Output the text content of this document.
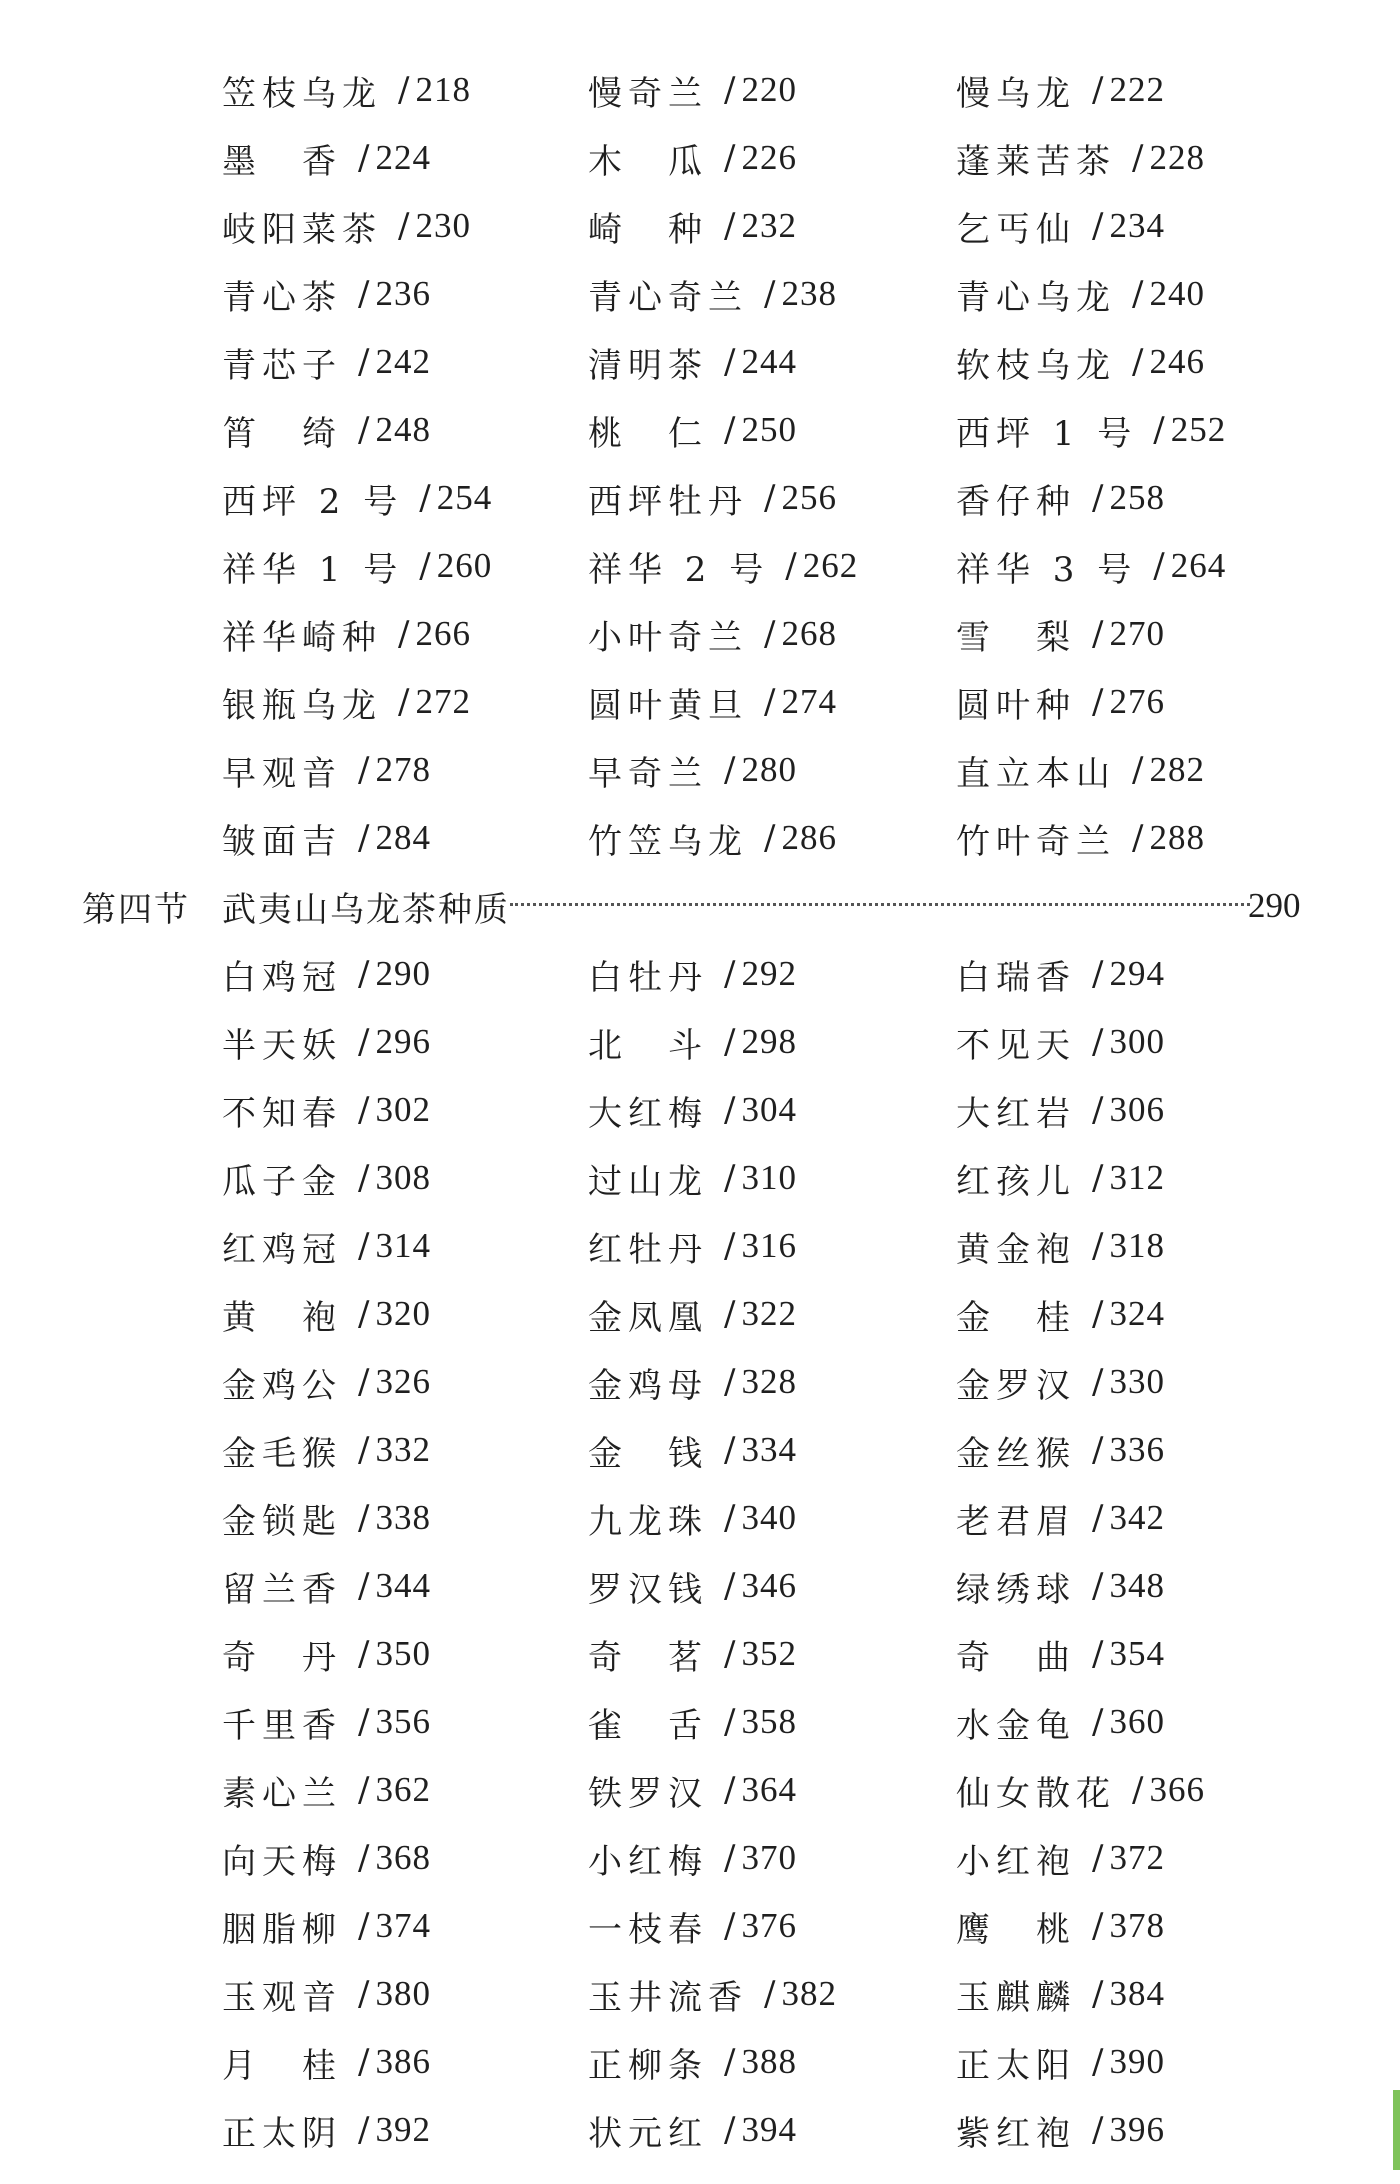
笠枝乌龙 / 218	慢奇兰 / 220	慢乌龙 / 222
墨　香 / 224	木　瓜 / 226	蓬莱苦茶 / 228
岐阳菜茶 / 230	崎　种 / 232	乞丐仙 / 234
青心茶 / 236	青心奇兰 / 238	青心乌龙 / 240
青芯子 / 242	清明茶 / 244	软枝乌龙 / 246
筲　绮 / 248	桃　仁 / 250	西坪 1 号 / 252
西坪 2 号 / 254	西坪牡丹 / 256	香仔种 / 258
祥华 1 号 / 260	祥华 2 号 / 262	祥华 3 号 / 264
祥华崎种 / 266	小叶奇兰 / 268	雪　梨 / 270
银瓶乌龙 / 272	圆叶黄旦 / 274	圆叶种 / 276
早观音 / 278	早奇兰 / 280	直立本山 / 282
皱面吉 / 284	竹笠乌龙 / 286	竹叶奇兰 / 288
第四节 武夷山乌龙茶种质	290
白鸡冠 / 290	白牡丹 / 292	白瑞香 / 294
半天妖 / 296	北　斗 / 298	不见天 / 300
不知春 / 302	大红梅 / 304	大红岩 / 306
瓜子金 / 308	过山龙 / 310	红孩儿 / 312
红鸡冠 / 314	红牡丹 / 316	黄金袍 / 318
黄　袍 / 320	金凤凰 / 322	金　桂 / 324
金鸡公 / 326	金鸡母 / 328	金罗汉 / 330
金毛猴 / 332	金　钱 / 334	金丝猴 / 336
金锁匙 / 338	九龙珠 / 340	老君眉 / 342
留兰香 / 344	罗汉钱 / 346	绿绣球 / 348
奇　丹 / 350	奇　茗 / 352	奇　曲 / 354
千里香 / 356	雀　舌 / 358	水金龟 / 360
素心兰 / 362	铁罗汉 / 364	仙女散花 / 366
向天梅 / 368	小红梅 / 370	小红袍 / 372
胭脂柳 / 374	一枝春 / 376	鹰　桃 / 378
玉观音 / 380	玉井流香 / 382	玉麒麟 / 384
月　桂 / 386	正柳条 / 388	正太阳 / 390
正太阴 / 392	状元红 / 394	紫红袍 / 396
